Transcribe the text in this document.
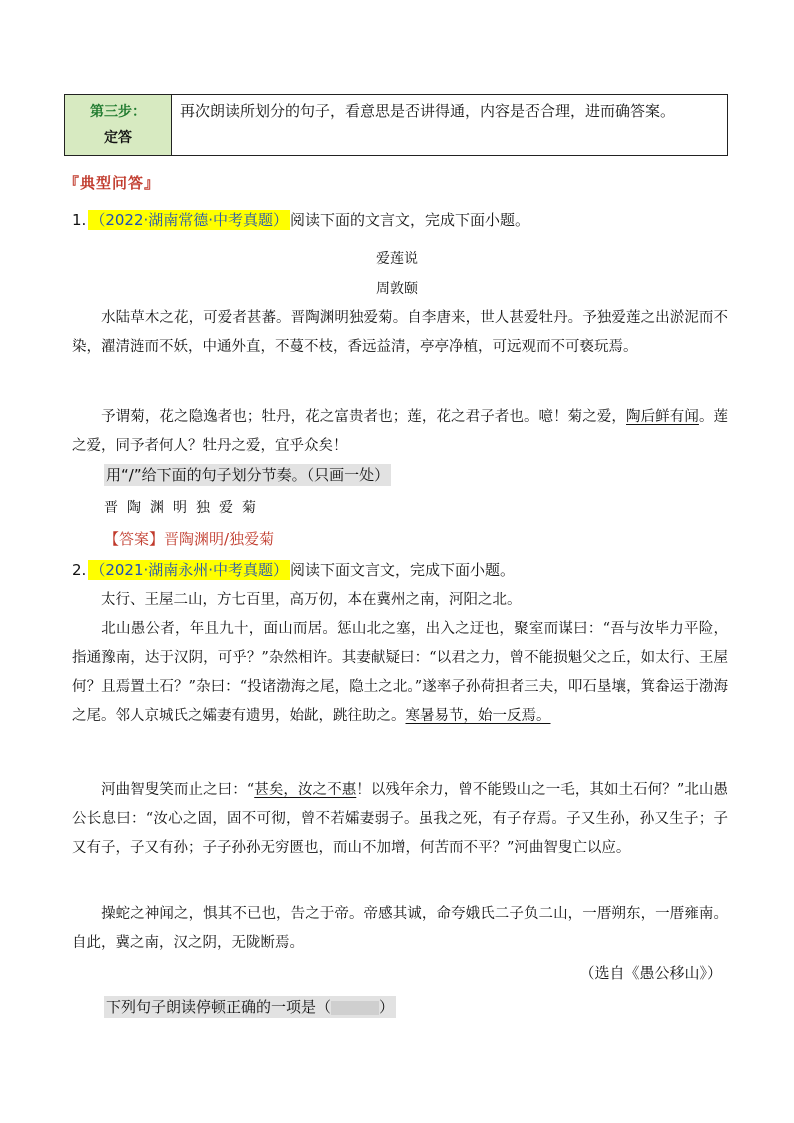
第三步：
定答
再次朗读所划分的句子，看意思是否讲得通，内容是否合理，进而确答案。
『典型问答』
1. （2022·湖南常德·中考真题） 阅读下面的文言文，完成下面小题。
爱莲说
周敦颐
水陆草木之花，可爱者甚蕃。晋陶渊明独爱菊。自李唐来，世人甚爱牡丹。予独爱莲之出淤泥而不染，濯清涟而不妖，中通外直，不蔓不枝，香远益清，亭亭净植，可远观而不可亵玩焉。
予谓菊，花之隐逸者也；牡丹，花之富贵者也；莲，花之君子者也。噫！菊之爱，陶后鲜有闻。莲之爱，同予者何人？牡丹之爱，宜乎众矣！
用“/”给下面的句子划分节奏。（只画一处）
晋陶渊明独爱菊
【答案】晋陶渊明/独爱菊
2. （2021·湖南永州·中考真题） 阅读下面文言文，完成下面小题。
太行、王屋二山，方七百里，高万仞，本在冀州之南，河阳之北。
北山愚公者，年且九十，面山而居。惩山北之塞，出入之迂也，聚室而谋曰：“吾与汝毕力平险，指通豫南，达于汉阴，可乎？”杂然相许。其妻献疑曰：“以君之力，曾不能损魁父之丘，如太行、王屋何？且焉置土石？”杂曰：“投诸渤海之尾，隐土之北。”遂率子孙荷担者三夫，叩石垦壤，箕畚运于渤海之尾。邻人京城氏之孀妻有遗男，始龀，跳往助之。寒暑易节，始一反焉。
河曲智叟笑而止之曰：“甚矣，汝之不惠！以残年余力，曾不能毁山之一毛，其如土石何？”北山愚公长息曰：“汝心之固，固不可彻，曾不若孀妻弱子。虽我之死，有子存焉。子又生孙，孙又生子；子又有子，子又有孙；子子孙孙无穷匮也，而山不加增，何苦而不平？”河曲智叟亡以应。
操蛇之神闻之，惧其不已也，告之于帝。帝感其诚，命夸娥氏二子负二山，一厝朔东，一厝雍南。自此，冀之南，汉之阴，无陇断焉。
（选自《愚公移山》）
下列句子朗读停顿正确的一项是（	）
